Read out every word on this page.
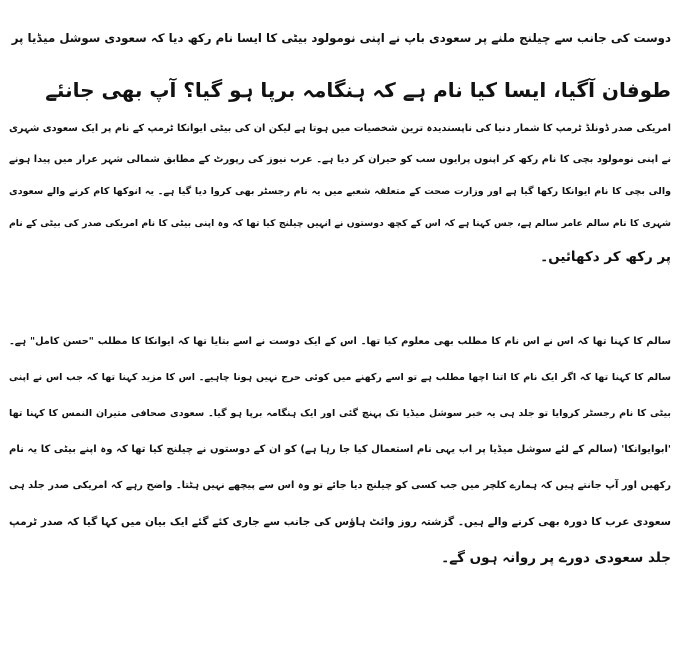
دوست کی جانب سے چیلنج ملنے پر سعودی باپ نے اپنی نومولود بیٹی کا ایسا نام رکھ دیا کہ سعودی سوشل میڈیا پر
طوفان آگیا، ایسا کیا نام ہے کہ ہنگامہ برپا ہو گیا؟ آپ بھی جانئے
امریکی صدر ڈونلڈ ٹرمپ کا شمار دنیا کی ناپسندیدہ ترین شخصیات میں ہوتا ہے لیکن ان کی بیٹی ایوانکا ٹرمپ کے نام پر ایک سعودی شہری
نے اپنی نومولود بچی کا نام رکھ کر اپنوں پرایوں سب کو حیران کر دیا ہے۔ عرب نیوز کی رپورٹ کے مطابق شمالی شہر عرار میں پیدا ہونے
والی بچی کا نام ایوانکا رکھا گیا ہے اور وزارت صحت کے متعلقہ شعبے میں یہ نام رجسٹر بھی کروا دیا گیا ہے۔ یہ انوکھا کام کرنے والے سعودی
شہری کا نام سالم عامر سالم ہے، جس کہنا ہے کہ اس کے کچھ دوستوں نے انہیں چیلنج کیا تھا کہ وہ اپنی بیٹی کا نام امریکی صدر کی بیٹی کے نام
پر رکھ کر دکھائیں۔
سالم کا کہنا تھا کہ اس نے اس نام کا مطلب بھی معلوم کیا تھا۔ اس کے ایک دوست نے اسے بتایا تھا کہ ایوانکا کا مطلب "حسن کامل" ہے۔
سالم کا کہنا تھا کہ اگر ایک نام کا اتنا اچھا مطلب ہے تو اسے رکھنے میں کوئی حرج نہیں ہونا چاہیے۔ اس کا مزید کہنا تھا کہ جب اس نے اپنی
بیٹی کا نام رجسٹر کروایا تو جلد ہی یہ خبر سوشل میڈیا تک پہنچ گئی اور ایک ہنگامہ برپا ہو گیا۔ سعودی صحافی متیران النمس کا کہنا تھا
'ابوایوانکا' (سالم کے لئے سوشل میڈیا پر اب یہی نام استعمال کیا جا رہا ہے) کو ان کے دوستوں نے چیلنج کیا تھا کہ وہ اپنے بیٹی کا یہ نام
رکھیں اور آپ جانتے ہیں کہ ہمارے کلچر میں جب کسی کو چیلنج دیا جائے تو وہ اس سے پیچھے نہیں ہٹتا۔ واضح رہے کہ امریکی صدر جلد ہی
سعودی عرب کا دورہ بھی کرنے والے ہیں۔ گزشتہ روز وائٹ ہاؤس کی جانب سے جاری کئے گئے ایک بیان میں کہا گیا کہ صدر ٹرمپ
جلد سعودی دورے پر روانہ ہوں گے۔
